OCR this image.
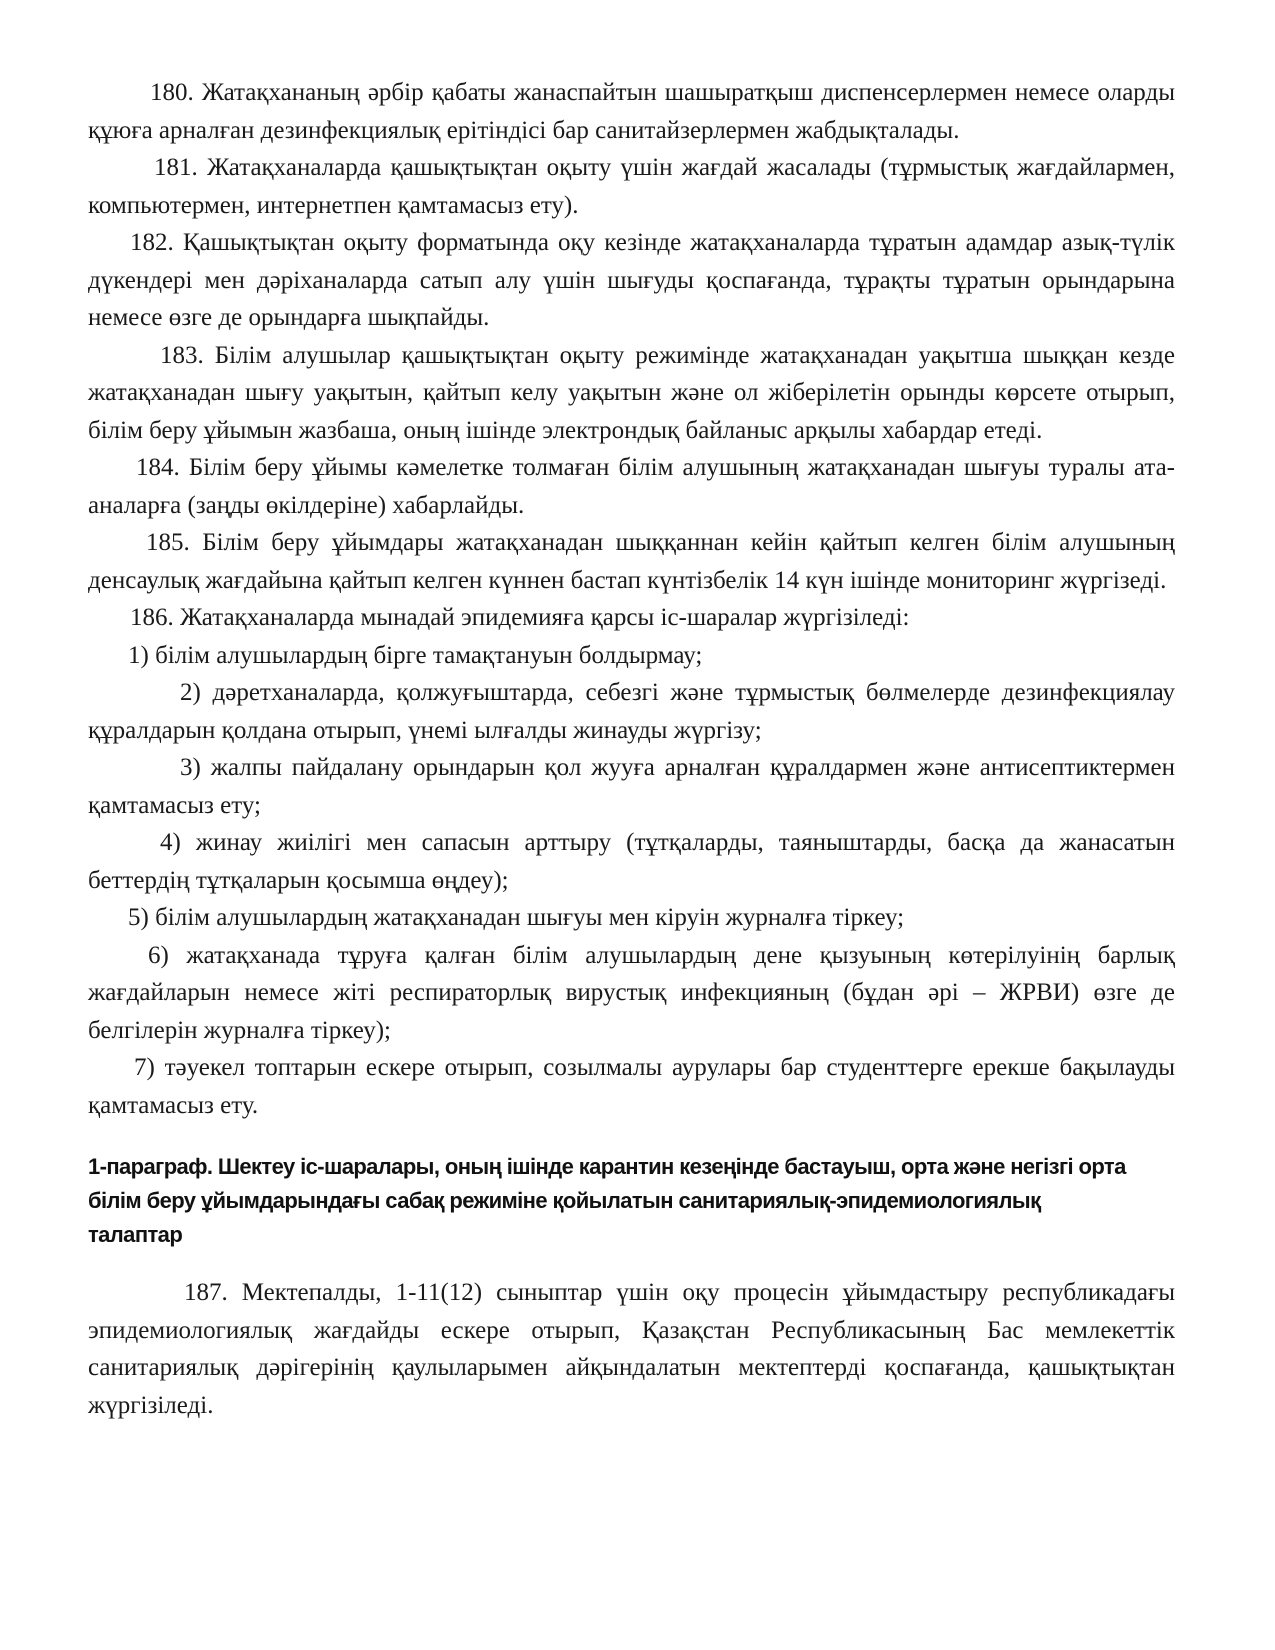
180. Жатақхананың әрбір қабаты жанаспайтын шашыратқыш диспенсерлермен немесе оларды құюға арналған дезинфекциялық ерітіндісі бар санитайзерлермен жабдықталады.

181. Жатақханаларда қашықтықтан оқыту үшін жағдай жасалады (тұрмыстық жағдайлармен, компьютермен, интернетпен қамтамасыз ету).

182. Қашықтықтан оқыту форматында оқу кезінде жатақханаларда тұратын адамдар азық-түлік дүкендері мен дәріханаларда сатып алу үшін шығуды қоспағанда, тұрақты тұратын орындарына немесе өзге де орындарға шықпайды.

183. Білім алушылар қашықтықтан оқыту режимінде жатақханадан уақытша шыққан кезде жатақханадан шығу уақытын, қайтып келу уақытын және ол жіберілетін орынды көрсете отырып, білім беру ұйымын жазбаша, оның ішінде электрондық байланыс арқылы хабардар етеді.

184. Білім беру ұйымы кәмелетке толмаған білім алушының жатақханадан шығуы туралы ата-аналарға (заңды өкілдеріне) хабарлайды.

185. Білім беру ұйымдары жатақханадан шыққаннан кейін қайтып келген білім алушының денсаулық жағдайына қайтып келген күннен бастап күнтізбелік 14 күн ішінде мониторинг жүргізеді.

186. Жатақханаларда мынадай эпидемияға қарсы іс-шаралар жүргізіледі:

1) білім алушылардың бірге тамақтануын болдырмау;

2) дәретханаларда, қолжуғыштарда, себезгі және тұрмыстық бөлмелерде дезинфекциялау құралдарын қолдана отырып, үнемі ылғалды жинауды жүргізу;

3) жалпы пайдалану орындарын қол жууға арналған құралдармен және антисептиктермен қамтамасыз ету;

4) жинау жиілігі мен сапасын арттыру (тұтқаларды, таяныштарды, басқа да жанасатын беттердің тұтқаларын қосымша өңдеу);

5) білім алушылардың жатақханадан шығуы мен кіруін журналға тіркеу;

6) жатақханада тұруға қалған білім алушылардың дене қызуының көтерілуінің барлық жағдайларын немесе жіті респираторлық вирустық инфекцияның (бұдан әрі – ЖРВИ) өзге де белгілерін журналға тіркеу);

7) тәуекел топтарын ескере отырып, созылмалы аурулары бар студенттерге ерекше бақылауды қамтамасыз ету.

1-параграф. Шектеу іс-шаралары, оның ішінде карантин кезеңінде бастауыш, орта және негізгі орта білім беру ұйымдарындағы сабақ режиміне қойылатын санитариялық-эпидемиологиялық талаптар

187. Мектепалды, 1-11(12) сыныптар үшін оқу процесін ұйымдастыру республикадағы эпидемиологиялық жағдайды ескере отырып, Қазақстан Республикасының Бас мемлекеттік санитариялық дәрігерінің қаулыларымен айқындалатын мектептерді қоспағанда, қашықтықтан жүргізіледі.
